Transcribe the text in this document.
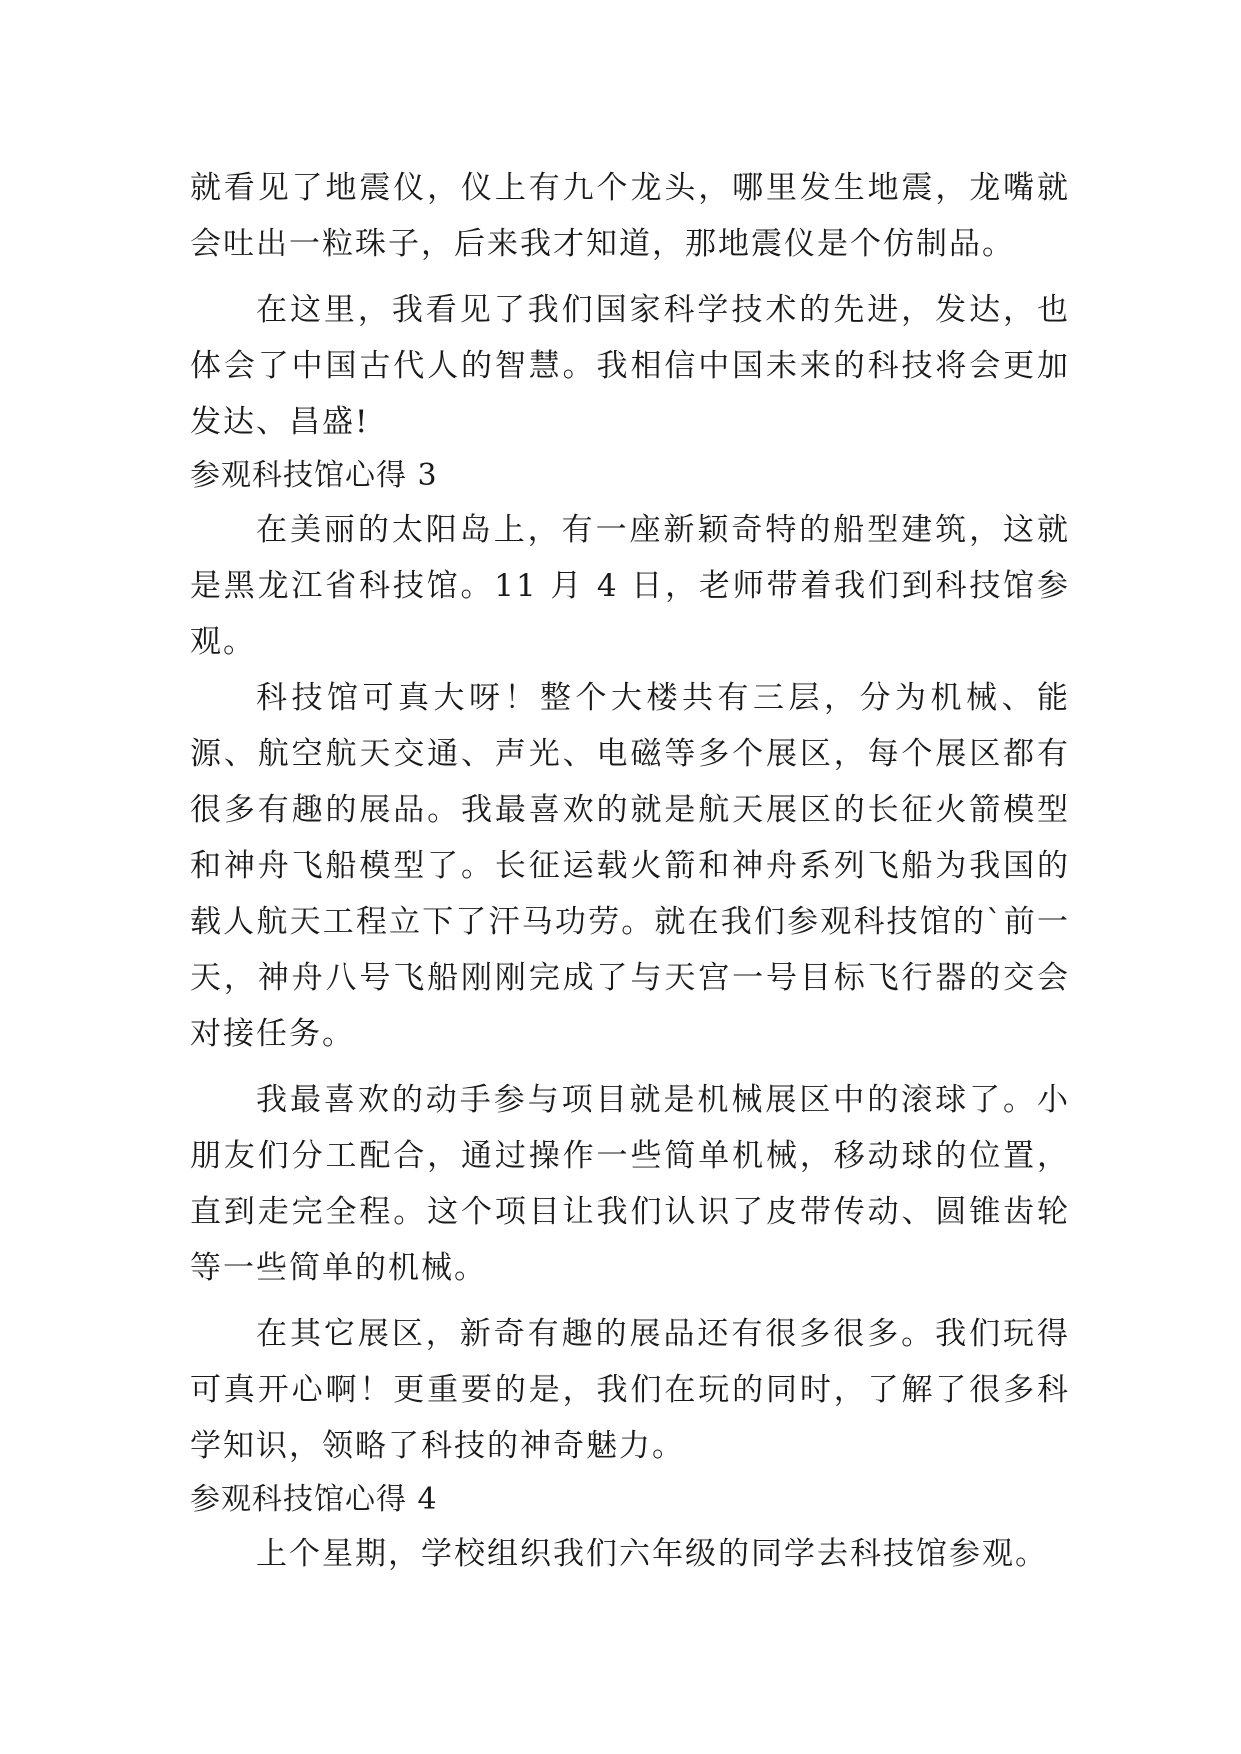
就看见了地震仪，仪上有九个龙头，哪里发生地震，龙嘴就会吐出一粒珠子，后来我才知道，那地震仪是个仿制品。

在这里，我看见了我们国家科学技术的先进，发达，也体会了中国古代人的智慧。我相信中国未来的科技将会更加发达、昌盛!

参观科技馆心得 3

在美丽的太阳岛上，有一座新颖奇特的船型建筑，这就是黑龙江省科技馆。11 月 4 日，老师带着我们到科技馆参观。

科技馆可真大呀！整个大楼共有三层，分为机械、能源、航空航天交通、声光、电磁等多个展区，每个展区都有很多有趣的展品。我最喜欢的就是航天展区的长征火箭模型和神舟飞船模型了。长征运载火箭和神舟系列飞船为我国的载人航天工程立下了汗马功劳。就在我们参观科技馆的`前一天，神舟八号飞船刚刚完成了与天宫一号目标飞行器的交会对接任务。

我最喜欢的动手参与项目就是机械展区中的滚球了。小朋友们分工配合，通过操作一些简单机械，移动球的位置，直到走完全程。这个项目让我们认识了皮带传动、圆锥齿轮等一些简单的机械。

在其它展区，新奇有趣的展品还有很多很多。我们玩得可真开心啊！更重要的是，我们在玩的同时，了解了很多科学知识，领略了科技的神奇魅力。

参观科技馆心得 4

上个星期，学校组织我们六年级的同学去科技馆参观。
